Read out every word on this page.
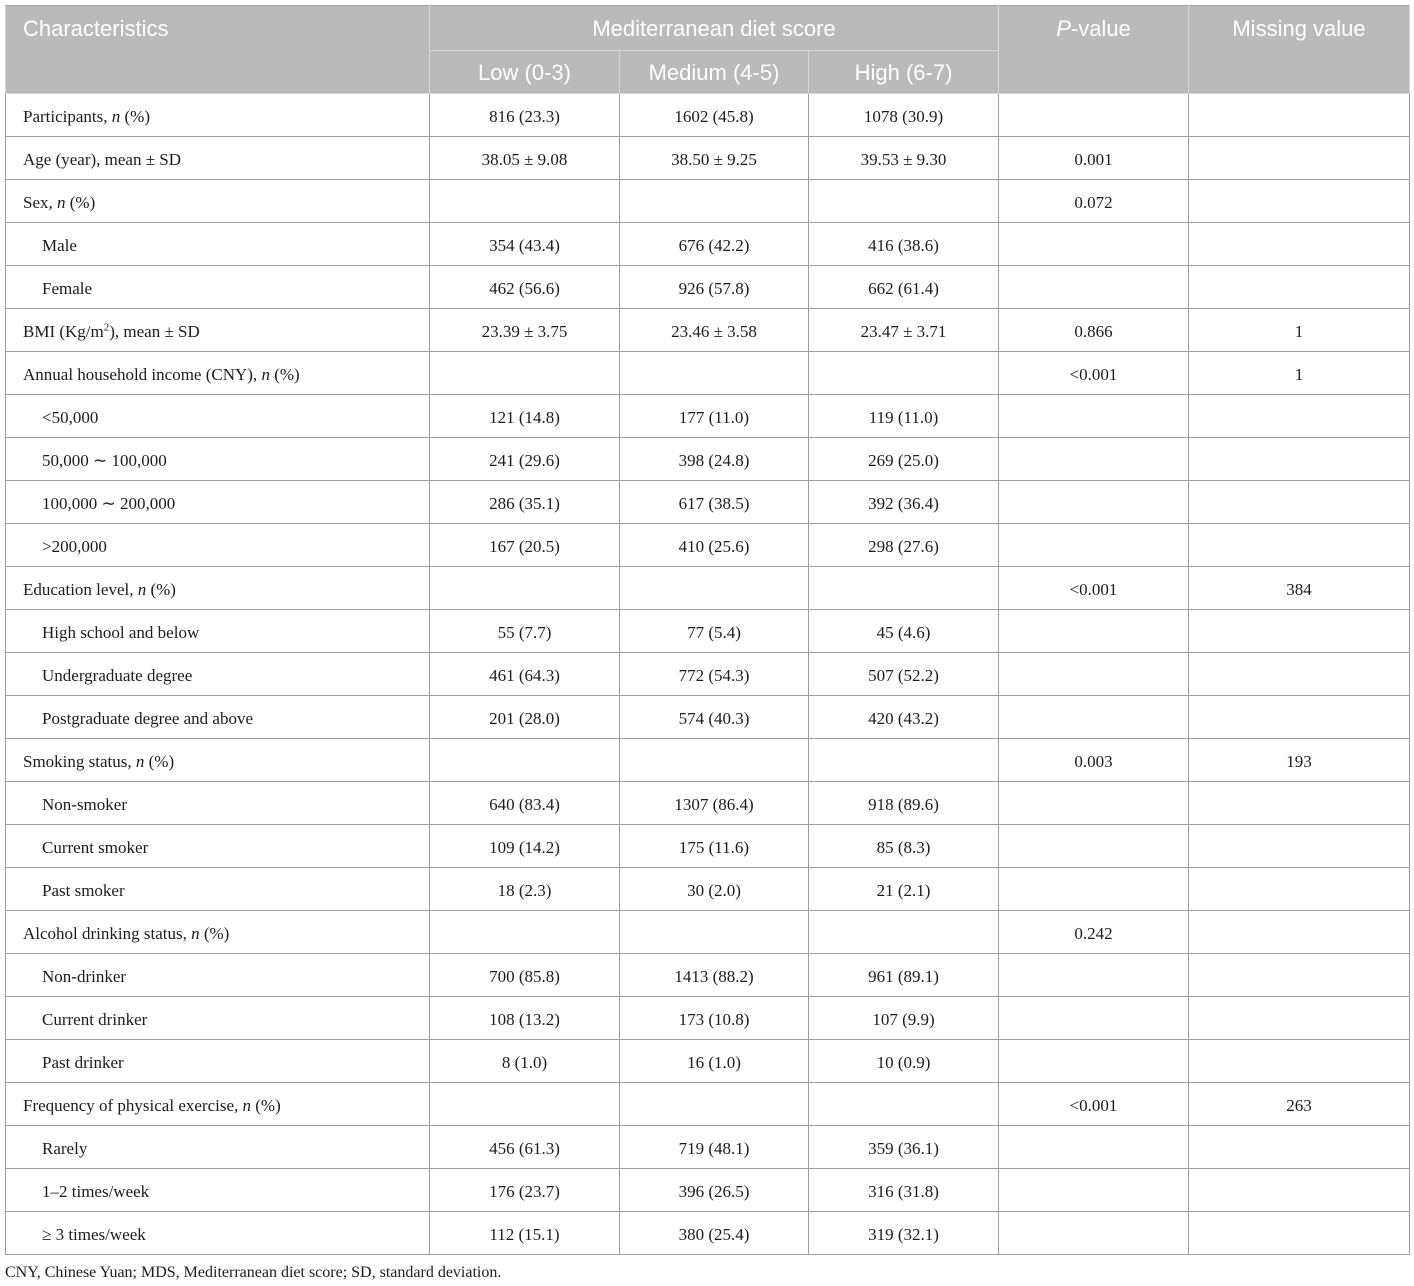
Characteristics	Mediterranean diet score			P-value	Missing value
	Low (0-3)	Medium (4-5)	High (6-7)		
Participants, n (%)	816 (23.3)	1602 (45.8)	1078 (30.9)		
Age (year), mean ± SD	38.05 ± 9.08	38.50 ± 9.25	39.53 ± 9.30	0.001	
Sex, n (%)				0.072	
Male	354 (43.4)	676 (42.2)	416 (38.6)		
Female	462 (56.6)	926 (57.8)	662 (61.4)		
BMI $(Kg/m^2)$, mean ± SD	23.39 ± 3.75	23.46 ± 3.58	23.47 ± 3.71	0.866	1
Annual household income (CNY), n (%)				<0.001	1
<50,000	121 (14.8)	177 (11.0)	119 (11.0)		
50,000 ∼ 100,000	241 (29.6)	398 (24.8)	269 (25.0)		
100,000 ∼ 200,000	286 (35.1)	617 (38.5)	392 (36.4)		
>200,000	167 (20.5)	410 (25.6)	298 (27.6)		
Education level, n (%)				<0.001	384
High school and below	55 (7.7)	77 (5.4)	45 (4.6)		
Undergraduate degree	461 (64.3)	772 (54.3)	507 (52.2)		
Postgraduate degree and above	201 (28.0)	574 (40.3)	420 (43.2)		
Smoking status, n (%)				0.003	193
Non-smoker	640 (83.4)	1307 (86.4)	918 (89.6)		
Current smoker	109 (14.2)	175 (11.6)	85 (8.3)		
Past smoker	18 (2.3)	30 (2.0)	21 (2.1)		
Alcohol drinking status, n (%)				0.242	
Non-drinker	700 (85.8)	1413 (88.2)	961 (89.1)		
Current drinker	108 (13.2)	173 (10.8)	107 (9.9)		
Past drinker	8 (1.0)	16 (1.0)	10 (0.9)		
Frequency of physical exercise, n (%)				<0.001	263
Rarely	456 (61.3)	719 (48.1)	359 (36.1)		
1–2 times/week	176 (23.7)	396 (26.5)	316 (31.8)		
≥ 3 times/week	112 (15.1)	380 (25.4)	319 (32.1)		
CNY, Chinese Yuan; MDS, Mediterranean diet score; SD, standard deviation.
